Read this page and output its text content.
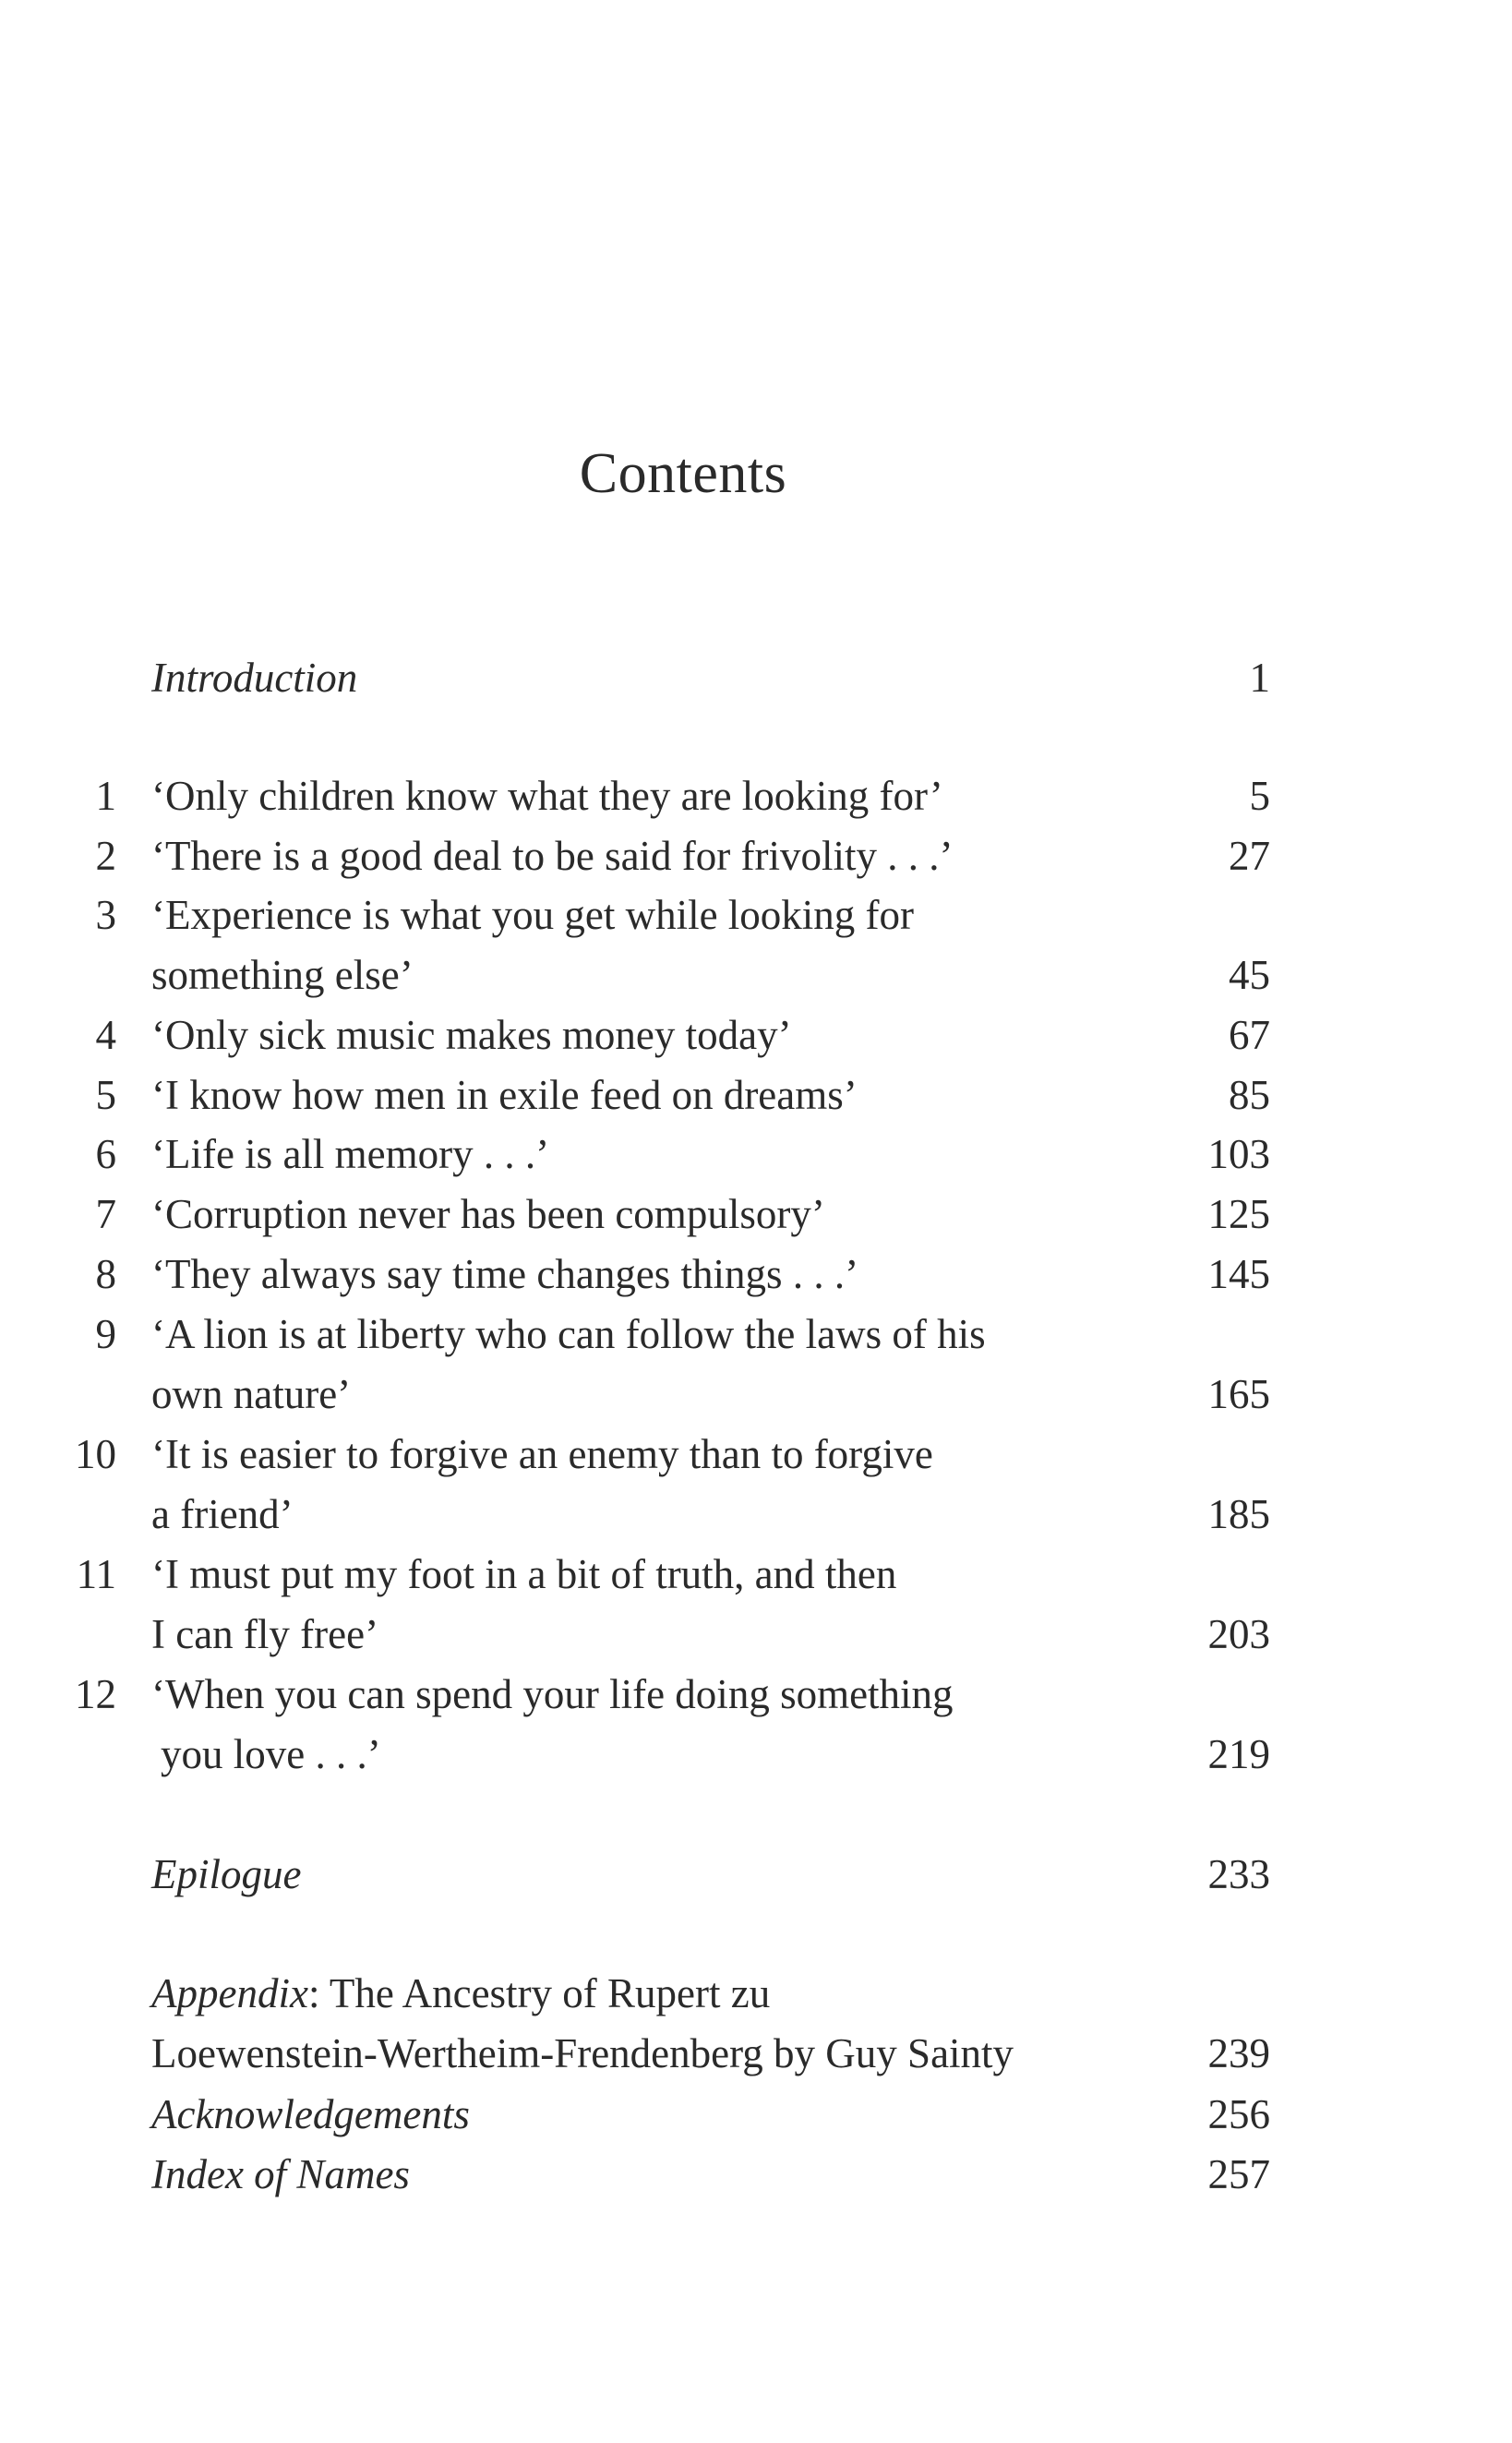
Contents
Introduction	1
1 ‘Only children know what they are looking for’	5
2 ‘There is a good deal to be said for frivolity . . .’	27
3 ‘Experience is what you get while looking for
something else’	45
4 ‘Only sick music makes money today’	67
5 ‘I know how men in exile feed on dreams’	85
6 ‘Life is all memory . . .’	103
7 ‘Corruption never has been compulsory’	125
8 ‘They always say time changes things . . .’	145
9 ‘A lion is at liberty who can follow the laws of his
own nature’	165
10 ‘It is easier to forgive an enemy than to forgive
a friend’	185
11 ‘I must put my foot in a bit of truth, and then
I can fly free’	203
12 ‘When you can spend your life doing something
you love . . .’	219
Epilogue	233
Appendix: The Ancestry of Rupert zu
Loewenstein-Wertheim-Frendenberg by Guy Sainty	239
Acknowledgements	256
Index of Names	257
